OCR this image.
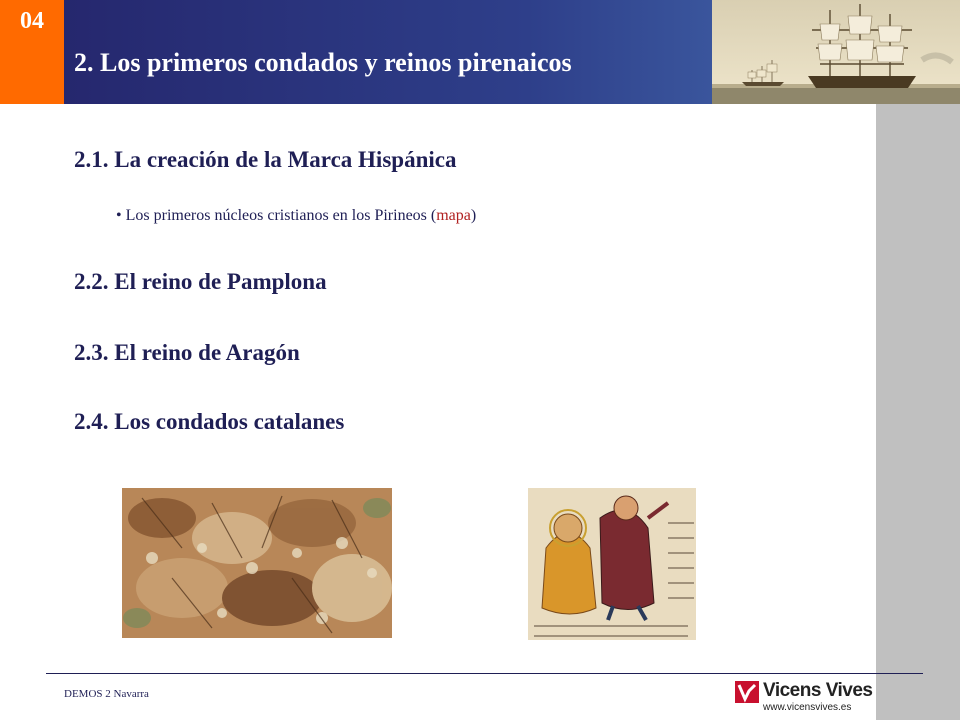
04
2. Los primeros condados y reinos pirenaicos
2.1. La creación de la Marca Hispánica
• Los primeros núcleos cristianos en los Pirineos (mapa)
2.2. El reino de Pamplona
2.3. El reino de Aragón
2.4. Los condados catalanes
DEMOS 2 Navarra	Vicens Vives
www.vicensvives.es
